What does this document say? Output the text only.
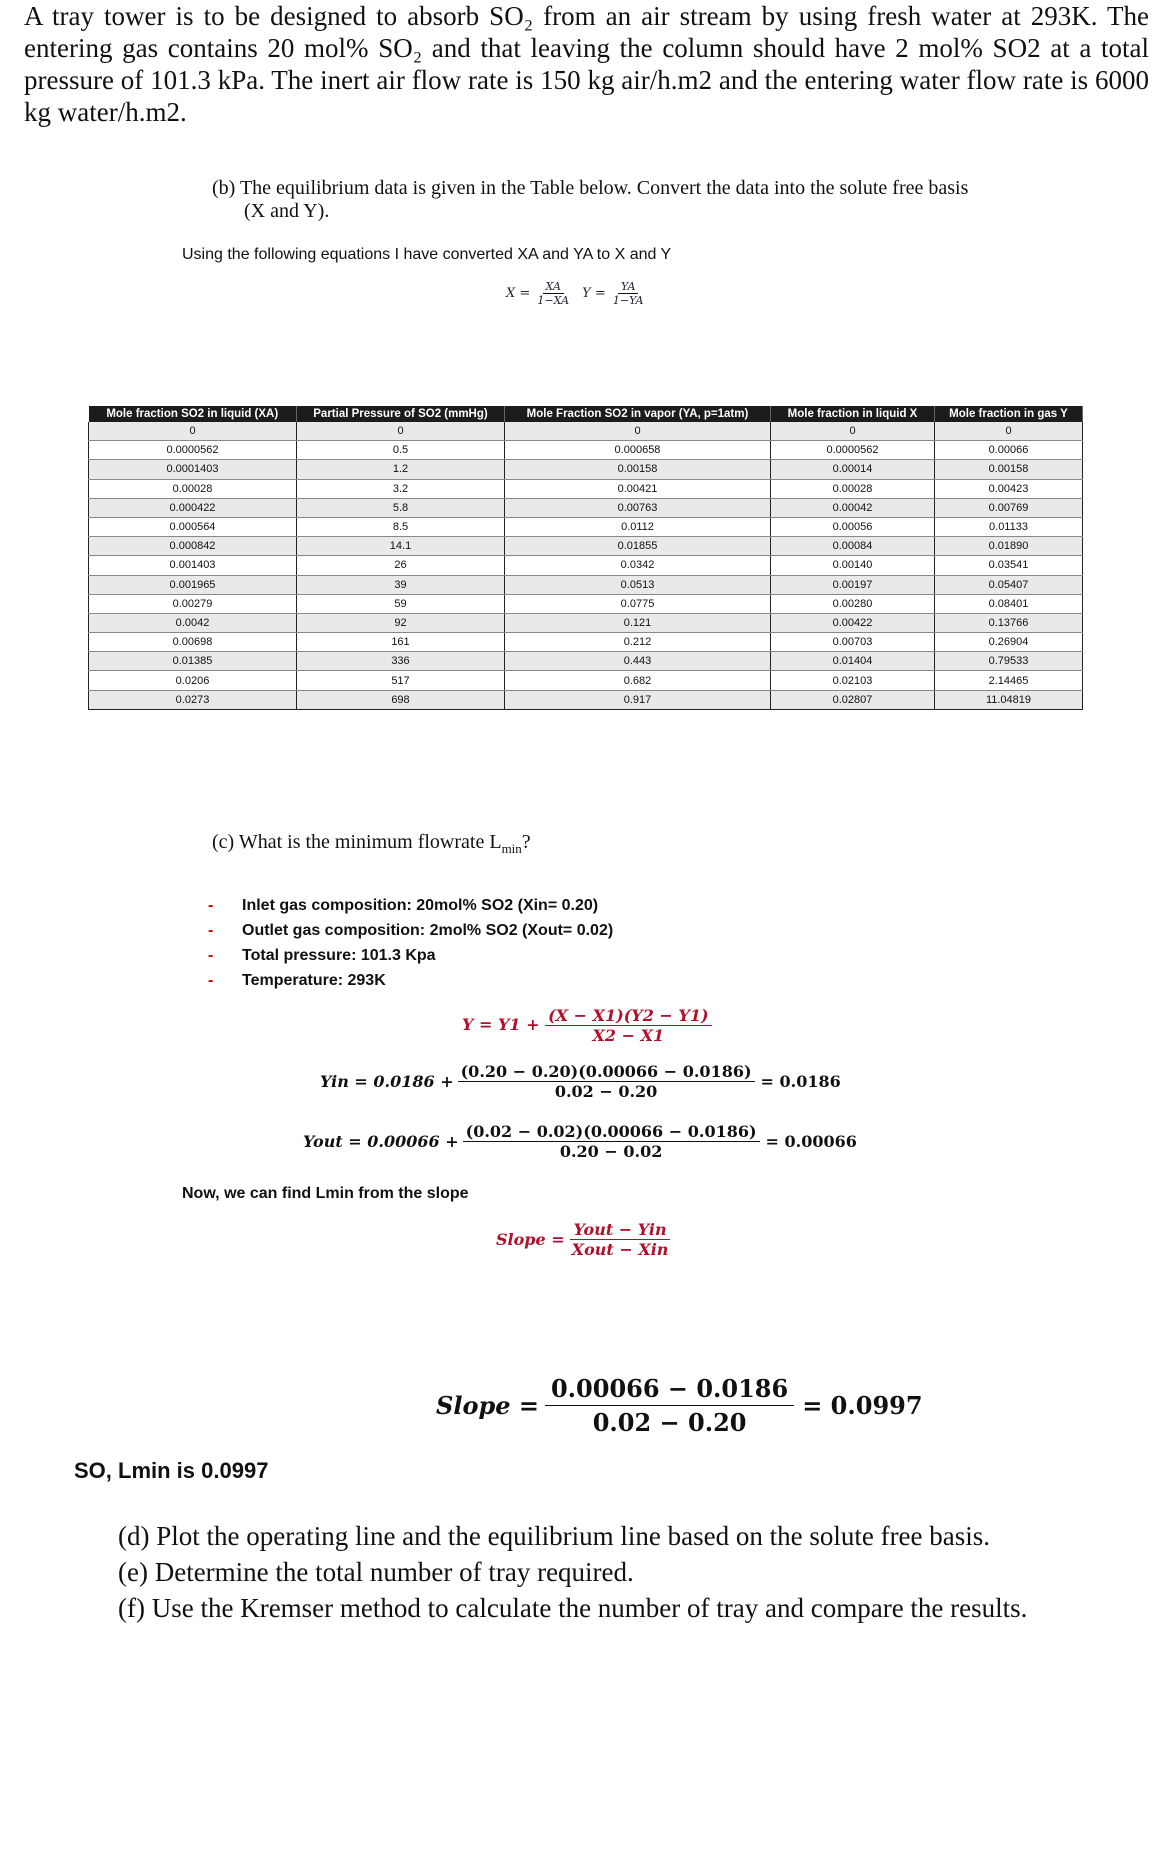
A tray tower is to be designed to absorb SO₂ from an air stream by using fresh water at 293K. The entering gas contains 20 mol% SO₂ and that leaving the column should have 2 mol% SO2 at a total pressure of 101.3 kPa. The inert air flow rate is 150 kg air/h.m2 and the entering water flow rate is 6000 kg water/h.m2.
(b) The equilibrium data is given in the Table below. Convert the data into the solute free basis
(X and Y).
Using the following equations I have converted XA and YA to X and Y
$X = \frac{XA}{1-XA}$ $Y = \frac{YA}{1-YA}$
Mole fraction SO2 in liquid (XA)	Partial Pressure of SO2 (mmHg)	Mole Fraction SO2 in vapor (YA, p=1atm)	Mole fraction in liquid X	Mole fraction in gas Y
0	0	0	0	0
0.0000562	0.5	0.000658	0.0000562	0.00066
0.0001403	1.2	0.00158	0.00014	0.00158
0.00028	3.2	0.00421	0.00028	0.00423
0.000422	5.8	0.00763	0.00042	0.00769
0.000564	8.5	0.0112	0.00056	0.01133
0.000842	14.1	0.01855	0.00084	0.01890
0.001403	26	0.0342	0.00140	0.03541
0.001965	39	0.0513	0.00197	0.05407
0.00279	59	0.0775	0.00280	0.08401
0.0042	92	0.121	0.00422	0.13766
0.00698	161	0.212	0.00703	0.26904
0.01385	336	0.443	0.01404	0.79533
0.0206	517	0.682	0.02103	2.14465
0.0273	698	0.917	0.02807	11.04819
(c) What is the minimum flowrate $L_{min}$?
- Inlet gas composition: 20mol% SO2 (Xin= 0.20)
- Outlet gas composition: 2mol% SO2 (Xout= 0.02)
- Total pressure: 101.3 Kpa
- Temperature: 293K
$Y = Y1 + \frac{(X - X1)(Y2 - Y1)}{X2 - X1}$
Yin = $0.0186 + \frac{(0.20 - 0.20)(0.00066 - 0.0186)}{0.02 - 0.20} = 0.0186$
Yout = $0.00066 + \frac{(0.02 - 0.02)(0.00066 - 0.0186)}{0.20 - 0.02} = 0.00066$
Now, we can find Lmin from the slope
Slope = $\frac{\text{Yout − Yin}}{\text{Xout − Xin}}$
Slope = $\frac{0.00066 - 0.0186}{0.02 - 0.20} = 0.0997$
SO, Lmin is 0.0997
(d) Plot the operating line and the equilibrium line based on the solute free basis.
(e) Determine the total number of tray required.
(f) Use the Kremser method to calculate the number of tray and compare the results.
